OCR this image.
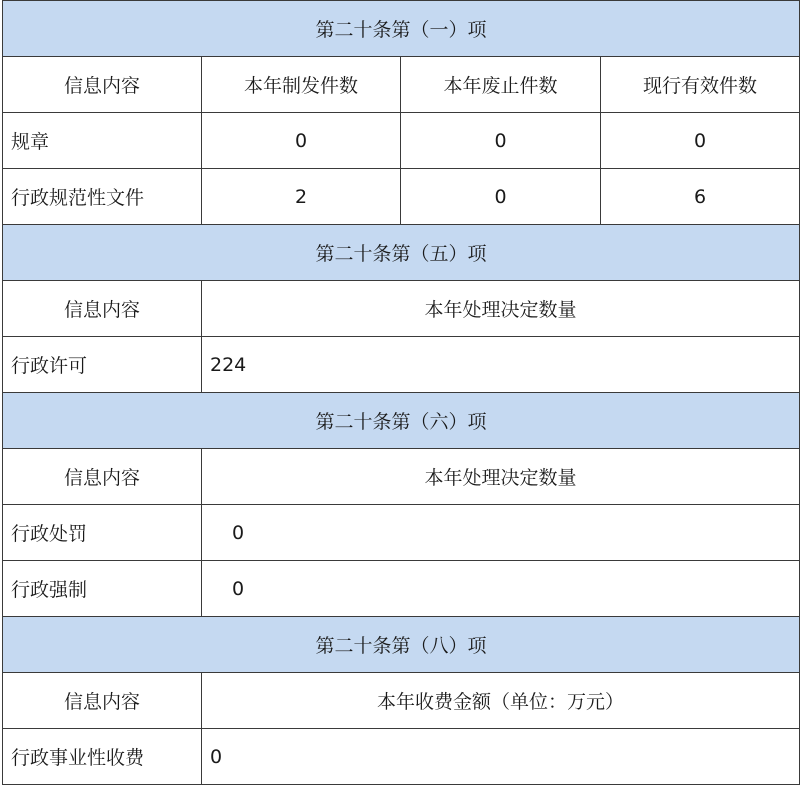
第二十条第（一）项			
信息内容	本年制发件数	本年废止件数	现行有效件数
规章	0	0	0
行政规范性文件	2	0	6
第二十条第（五）项			
信息内容	本年处理决定数量		
行政许可	224		
第二十条第（六）项			
信息内容	本年处理决定数量		
行政处罚	0		
行政强制	0		
第二十条第（八）项			
信息内容	本年收费金额（单位：万元）		
行政事业性收费	0		
